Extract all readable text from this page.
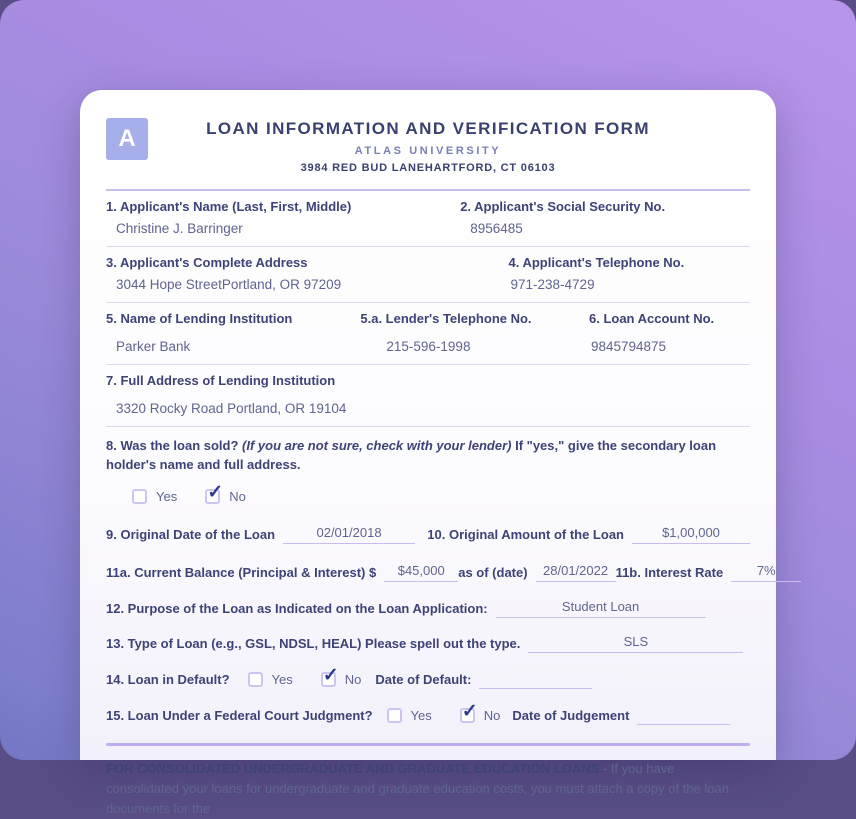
A	LOAN INFORMATION AND VERIFICATION FORM
ATLAS UNIVERSITY
3984 RED BUD LANEHARTFORD, CT 06103
1. Applicant's Name (Last, First, Middle)
Christine J. Barringer
2. Applicant's Social Security No.
8956485
3. Applicant's Complete Address
3044 Hope StreetPortland, OR 97209
4. Applicant's Telephone No.
971-238-4729
5. Name of Lending Institution
Parker Bank
5.a. Lender's Telephone No.
215-596-1998
6. Loan Account No.
9845794875
7. Full Address of Lending Institution
3320 Rocky Road Portland, OR 19104
8. Was the loan sold? (If you are not sure, check with your lender) If "yes," give the secondary loan holder's name and full address.
Yes ✓	No
9. Original Date of the Loan	02/01/2018	10. Original Amount of the Loan	$1,00,000
11a. Current Balance (Principal & Interest) $	$45,000	as of (date)	28/01/2022 11b. Interest Rate	7%
12. Purpose of the Loan as Indicated on the Loan Application:	Student Loan
13. Type of Loan (e.g., GSL, NDSL, HEAL) Please spell out the type.	SLS
14. Loan in Default?	Yes ✓	No Date of Default:

15. Loan Under a Federal Court Judgment?	Yes ✓	No Date of Judgement

FOR CONSOLIDATED UNDERGRADUATE AND GRADUATE EDUCATION LOANS - If you have consolidated your loans for undergraduate and graduate education costs, you must attach a copy of the loan documents for the
